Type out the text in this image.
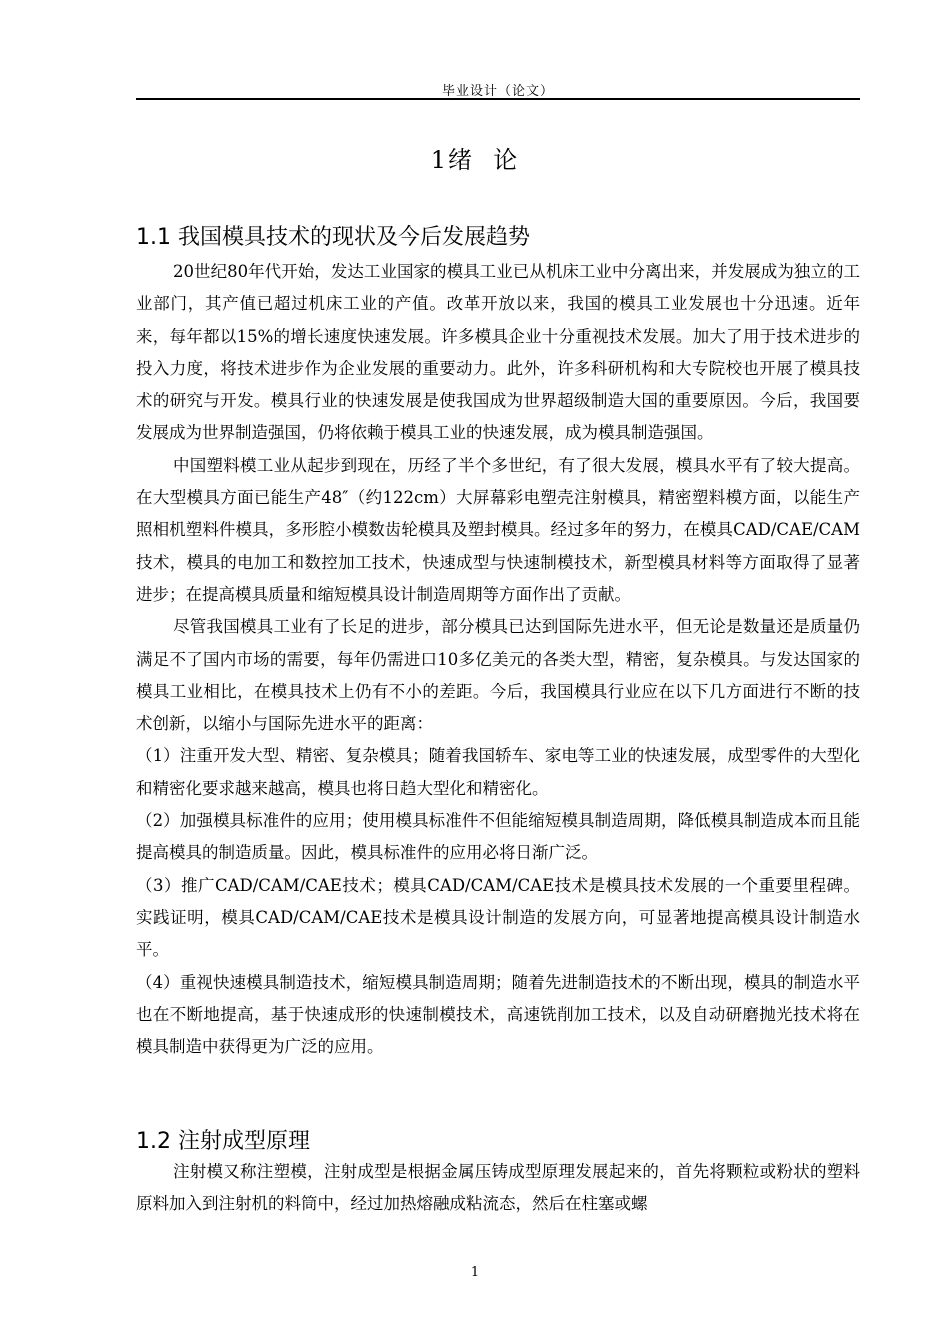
毕业设计（论文）
1绪  论
1.1 我国模具技术的现状及今后发展趋势

20世纪80年代开始，发达工业国家的模具工业已从机床工业中分离出来，并发展成为独立的工业部门，其产值已超过机床工业的产值。改革开放以来，我国的模具工业发展也十分迅速。近年来，每年都以15%的增长速度快速发展。许多模具企业十分重视技术发展。加大了用于技术进步的投入力度，将技术进步作为企业发展的重要动力。此外，许多科研机构和大专院校也开展了模具技术的研究与开发。模具行业的快速发展是使我国成为世界超级制造大国的重要原因。今后，我国要发展成为世界制造强国，仍将依赖于模具工业的快速发展，成为模具制造强国。

中国塑料模工业从起步到现在，历经了半个多世纪，有了很大发展，模具水平有了较大提高。在大型模具方面已能生产48″（约122cm）大屏幕彩电塑壳注射模具，精密塑料模方面，以能生产照相机塑料件模具，多形腔小模数齿轮模具及塑封模具。经过多年的努力，在模具CAD/CAE/CAM技术，模具的电加工和数控加工技术，快速成型与快速制模技术，新型模具材料等方面取得了显著进步；在提高模具质量和缩短模具设计制造周期等方面作出了贡献。

尽管我国模具工业有了长足的进步，部分模具已达到国际先进水平，但无论是数量还是质量仍满足不了国内市场的需要，每年仍需进口10多亿美元的各类大型，精密，复杂模具。与发达国家的模具工业相比，在模具技术上仍有不小的差距。今后，我国模具行业应在以下几方面进行不断的技术创新，以缩小与国际先进水平的距离：

（1）注重开发大型、精密、复杂模具；随着我国轿车、家电等工业的快速发展，成型零件的大型化和精密化要求越来越高，模具也将日趋大型化和精密化。

（2）加强模具标准件的应用；使用模具标准件不但能缩短模具制造周期，降低模具制造成本而且能提高模具的制造质量。因此，模具标准件的应用必将日渐广泛。

（3）推广CAD/CAM/CAE技术；模具CAD/CAM/CAE技术是模具技术发展的一个重要里程碑。实践证明，模具CAD/CAM/CAE技术是模具设计制造的发展方向，可显著地提高模具设计制造水平。

（4）重视快速模具制造技术，缩短模具制造周期；随着先进制造技术的不断出现，模具的制造水平也在不断地提高，基于快速成形的快速制模技术，高速铣削加工技术，以及自动研磨抛光技术将在模具制造中获得更为广泛的应用。

1.2 注射成型原理

注射模又称注塑模，注射成型是根据金属压铸成型原理发展起来的，首先将颗粒或粉状的塑料原料加入到注射机的料筒中，经过加热熔融成粘流态，然后在柱塞或螺

1
